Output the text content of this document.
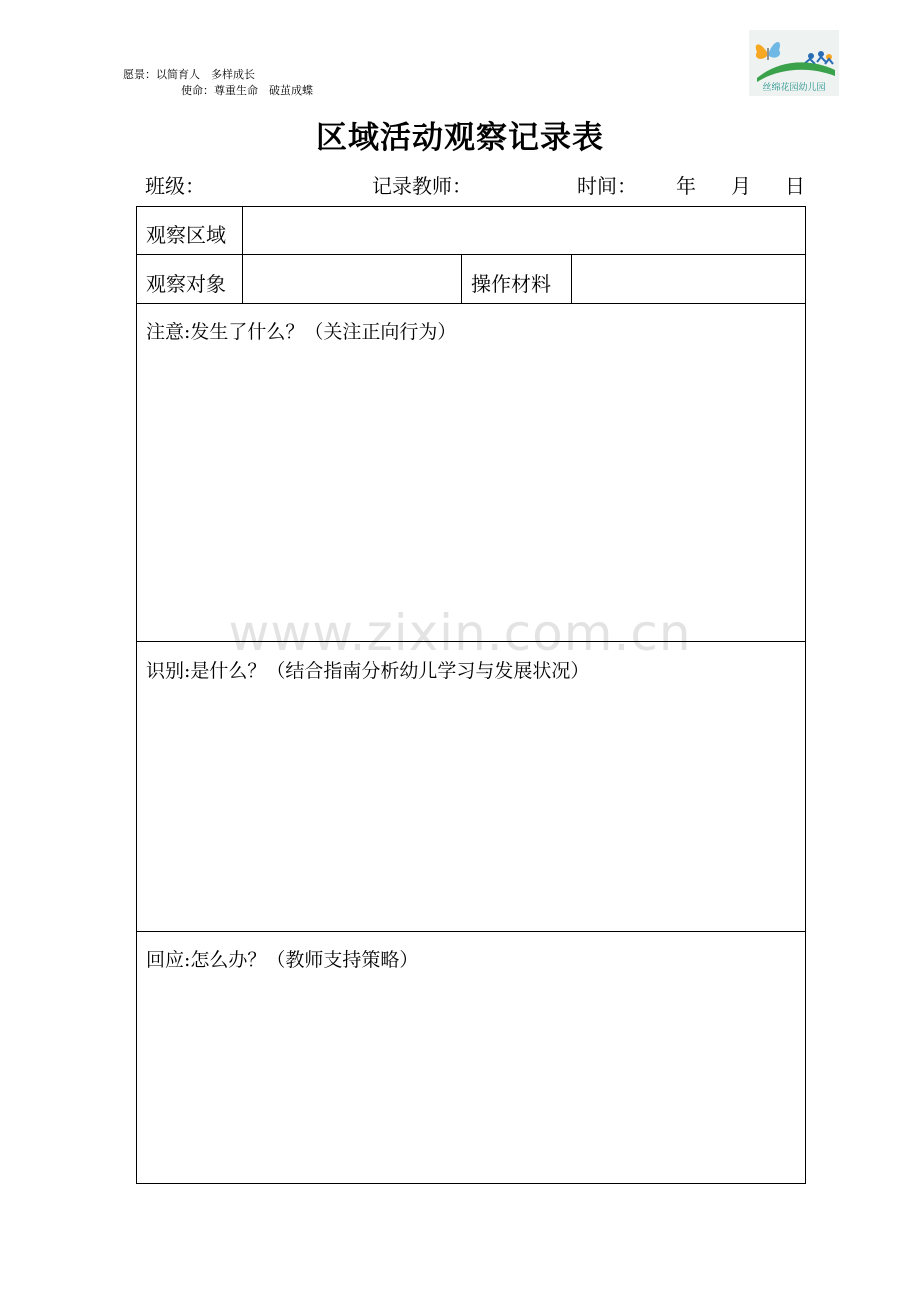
愿景：以简育人　多样成长
使命：尊重生命　破茧成蝶	丝绵花园幼儿园
区域活动观察记录表
班级：	记录教师：	时间： 年 月 日
观察区域
观察对象	操作材料
注意:发生了什么？（关注正向行为）
www.zixin.com.cn
识别:是什么？（结合指南分析幼儿学习与发展状况）
回应:怎么办？（教师支持策略）
